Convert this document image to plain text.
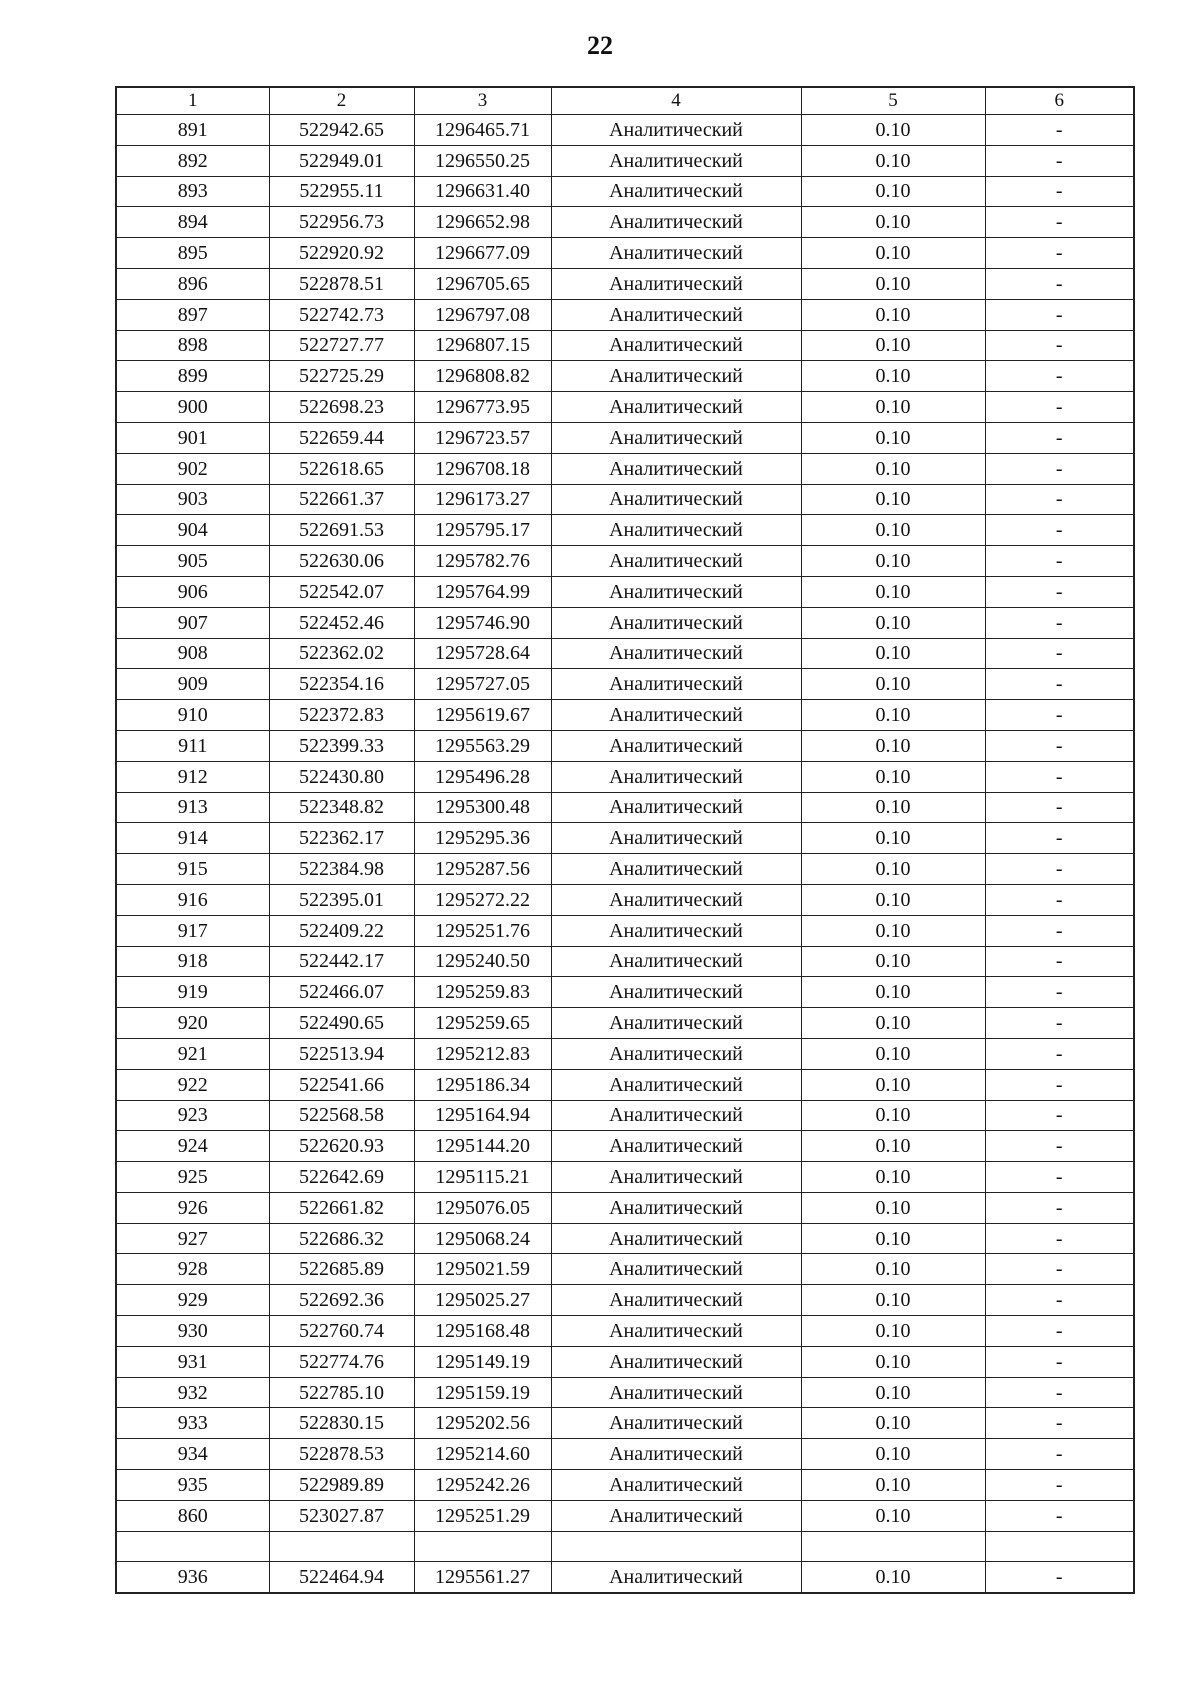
22
1	2	3	4	5	6
891	522942.65	1296465.71	Аналитический	0.10	-
892	522949.01	1296550.25	Аналитический	0.10	-
893	522955.11	1296631.40	Аналитический	0.10	-
894	522956.73	1296652.98	Аналитический	0.10	-
895	522920.92	1296677.09	Аналитический	0.10	-
896	522878.51	1296705.65	Аналитический	0.10	-
897	522742.73	1296797.08	Аналитический	0.10	-
898	522727.77	1296807.15	Аналитический	0.10	-
899	522725.29	1296808.82	Аналитический	0.10	-
900	522698.23	1296773.95	Аналитический	0.10	-
901	522659.44	1296723.57	Аналитический	0.10	-
902	522618.65	1296708.18	Аналитический	0.10	-
903	522661.37	1296173.27	Аналитический	0.10	-
904	522691.53	1295795.17	Аналитический	0.10	-
905	522630.06	1295782.76	Аналитический	0.10	-
906	522542.07	1295764.99	Аналитический	0.10	-
907	522452.46	1295746.90	Аналитический	0.10	-
908	522362.02	1295728.64	Аналитический	0.10	-
909	522354.16	1295727.05	Аналитический	0.10	-
910	522372.83	1295619.67	Аналитический	0.10	-
911	522399.33	1295563.29	Аналитический	0.10	-
912	522430.80	1295496.28	Аналитический	0.10	-
913	522348.82	1295300.48	Аналитический	0.10	-
914	522362.17	1295295.36	Аналитический	0.10	-
915	522384.98	1295287.56	Аналитический	0.10	-
916	522395.01	1295272.22	Аналитический	0.10	-
917	522409.22	1295251.76	Аналитический	0.10	-
918	522442.17	1295240.50	Аналитический	0.10	-
919	522466.07	1295259.83	Аналитический	0.10	-
920	522490.65	1295259.65	Аналитический	0.10	-
921	522513.94	1295212.83	Аналитический	0.10	-
922	522541.66	1295186.34	Аналитический	0.10	-
923	522568.58	1295164.94	Аналитический	0.10	-
924	522620.93	1295144.20	Аналитический	0.10	-
925	522642.69	1295115.21	Аналитический	0.10	-
926	522661.82	1295076.05	Аналитический	0.10	-
927	522686.32	1295068.24	Аналитический	0.10	-
928	522685.89	1295021.59	Аналитический	0.10	-
929	522692.36	1295025.27	Аналитический	0.10	-
930	522760.74	1295168.48	Аналитический	0.10	-
931	522774.76	1295149.19	Аналитический	0.10	-
932	522785.10	1295159.19	Аналитический	0.10	-
933	522830.15	1295202.56	Аналитический	0.10	-
934	522878.53	1295214.60	Аналитический	0.10	-
935	522989.89	1295242.26	Аналитический	0.10	-
860	523027.87	1295251.29	Аналитический	0.10	-

936	522464.94	1295561.27	Аналитический	0.10	-
